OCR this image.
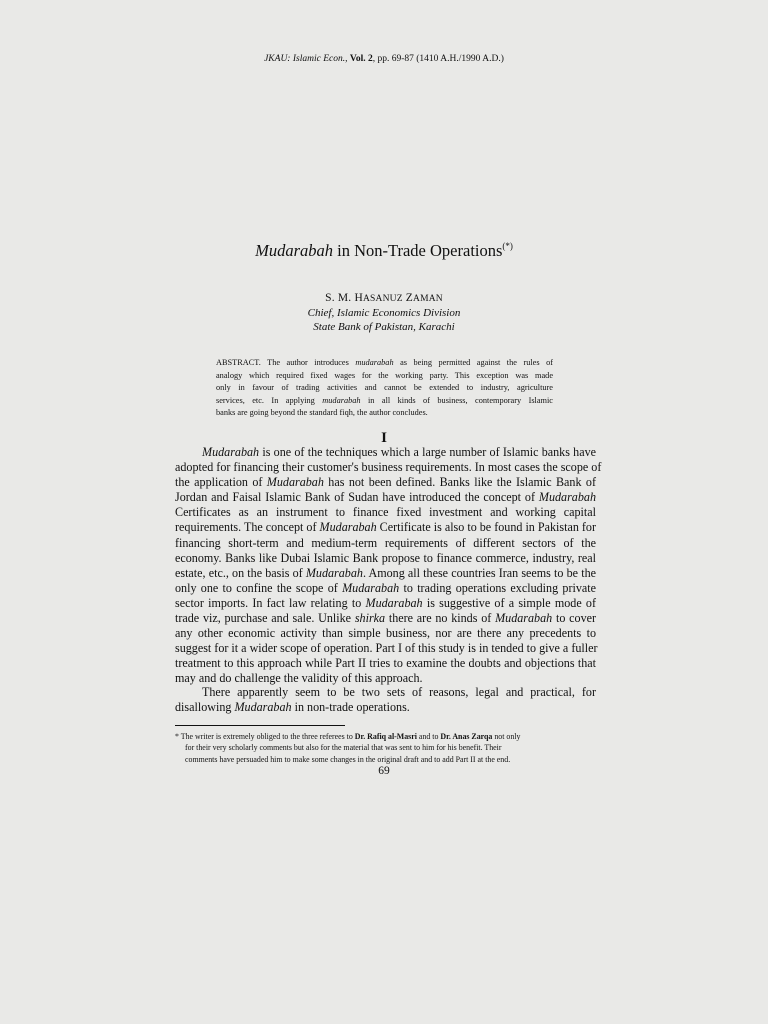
JKAU: Islamic Econ., Vol. 2, pp. 69-87 (1410 A.H./1990 A.D.)
Mudarabah in Non-Trade Operations(*)
S. M. HASANUZ ZAMAN
Chief, Islamic Economics Division
State Bank of Pakistan, Karachi
ABSTRACT. The author introduces mudarabah as being permitted against the rules of
analogy which required fixed wages for the working party. This exception was made
only in favour of trading activities and cannot be extended to industry, agriculture
services, etc. In applying mudarabah in all kinds of business, contemporary Islamic
banks are going beyond the standard fiqh, the author concludes.
I
Mudarabah is one of the techniques which a large number of Islamic banks have
adopted for financing their customer's business requirements. In most cases the scope of
the application of Mudarabah has not been defined. Banks like the Islamic Bank of
Jordan and Faisal Islamic Bank of Sudan have introduced the concept of Mudarabah
Certificates as an instrument to finance fixed investment and working capital
requirements. The concept of Mudarabah Certificate is also to be found in Pakistan for
financing short-term and medium-term requirements of different sectors of the
economy. Banks like Dubai Islamic Bank propose to finance commerce, industry, real
estate, etc., on the basis of Mudarabah. Among all these countries Iran seems to be the
only one to confine the scope of Mudarabah to trading operations excluding private
sector imports. In fact law relating to Mudarabah is suggestive of a simple mode of
trade viz, purchase and sale. Unlike shirka there are no kinds of Mudarabah to cover
any other economic activity than simple business, nor are there any precedents to
suggest for it a wider scope of operation. Part I of this study is in tended to give a fuller
treatment to this approach while Part II tries to examine the doubts and objections that
may and do challenge the validity of this approach.
There apparently seem to be two sets of reasons, legal and practical, for
disallowing Mudarabah in non-trade operations.
* The writer is extremely obliged to the three referees to Dr. Rafiq al-Masri and to Dr. Anas Zarqa not only
for their very scholarly comments but also for the material that was sent to him for his benefit. Their
comments have persuaded him to make some changes in the original draft and to add Part II at the end.
69
